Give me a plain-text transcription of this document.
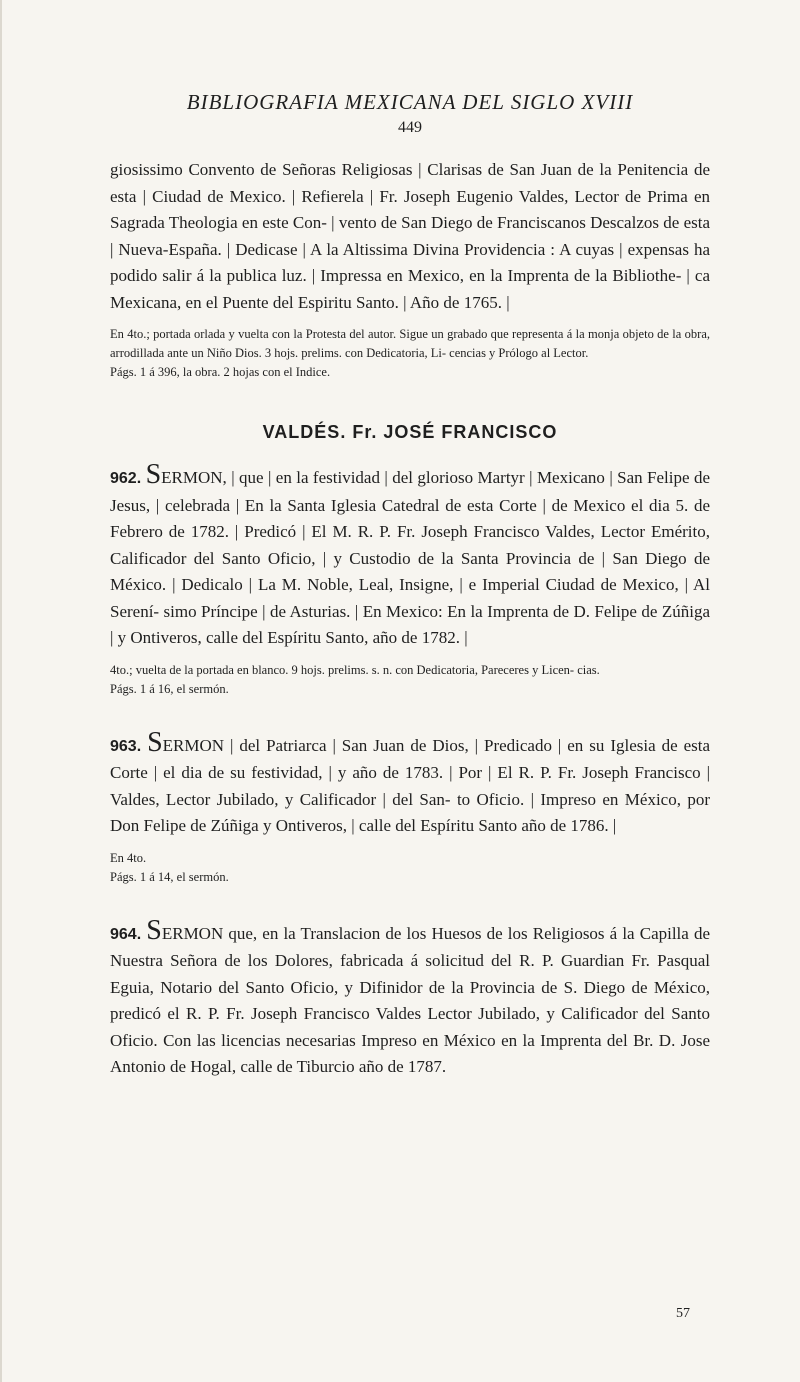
BIBLIOGRAFIA MEXICANA DEL SIGLO XVIII

449

giosissimo Convento de Señoras Religiosas | Clarisas de San Juan de la Penitencia de esta | Ciudad de Mexico. | Refierela | Fr. Joseph Eugenio Valdes, Lector de Prima en Sagrada Theologia en este Con- | vento de San Diego de Franciscanos Descalzos de esta | Nueva-España. | Dedicase | A la Altissima Divina Providencia : A cuyas | expensas ha podido salir á la publica luz. | Impressa en Mexico, en la Imprenta de la Bibliothe- | ca Mexicana, en el Puente del Espiritu Santo. | Año de 1765. |

En 4to.; portada orlada y vuelta con la Protesta del autor. Sigue un grabado que representa á la monja objeto de la obra, arrodillada ante un Niño Dios. 3 hojs. prelims. con Dedicatoria, Li- cencias y Prólogo al Lector.

Págs. 1 á 396, la obra. 2 hojas con el Indice.

VALDÉS. Fr. JOSÉ FRANCISCO

962. SERMON, | que | en la festividad | del glorioso Martyr | Mexicano | San Felipe de Jesus, | celebrada | En la Santa Iglesia Catedral de esta Corte | de Mexico el dia 5. de Febrero de 1782. | Predicó | El M. R. P. Fr. Joseph Francisco Valdes, Lector Emérito, Calificador del Santo Oficio, | y Custodio de la Santa Provincia de | San Diego de México. | Dedicalo | La M. Noble, Leal, Insigne, | e Imperial Ciudad de Mexico, | Al Serení- simo Príncipe | de Asturias. | En Mexico: En la Imprenta de D. Felipe de Zúñiga | y Ontiveros, calle del Espíritu Santo, año de 1782. |

4to.; vuelta de la portada en blanco. 9 hojs. prelims. s. n. con Dedicatoria, Pareceres y Licen- cias.

Págs. 1 á 16, el sermón.

963. SERMON | del Patriarca | San Juan de Dios, | Predicado | en su Iglesia de esta Corte | el dia de su festividad, | y año de 1783. | Por | El R. P. Fr. Joseph Francisco | Valdes, Lector Jubilado, y Calificador | del San- to Oficio. | Impreso en México, por Don Felipe de Zúñiga y Ontiveros, | calle del Espíritu Santo año de 1786. |

En 4to.

Págs. 1 á 14, el sermón.

964. SERMON que, en la Translacion de los Huesos de los Religiosos á la Capilla de Nuestra Señora de los Dolores, fabricada á solicitud del R. P. Guardian Fr. Pasqual Eguia, Notario del Santo Oficio, y Difinidor de la Provincia de S. Diego de México, predicó el R. P. Fr. Joseph Francisco Valdes Lector Jubilado, y Calificador del Santo Oficio. Con las licencias necesarias Impreso en México en la Imprenta del Br. D. Jose Antonio de Hogal, calle de Tiburcio año de 1787.

57
